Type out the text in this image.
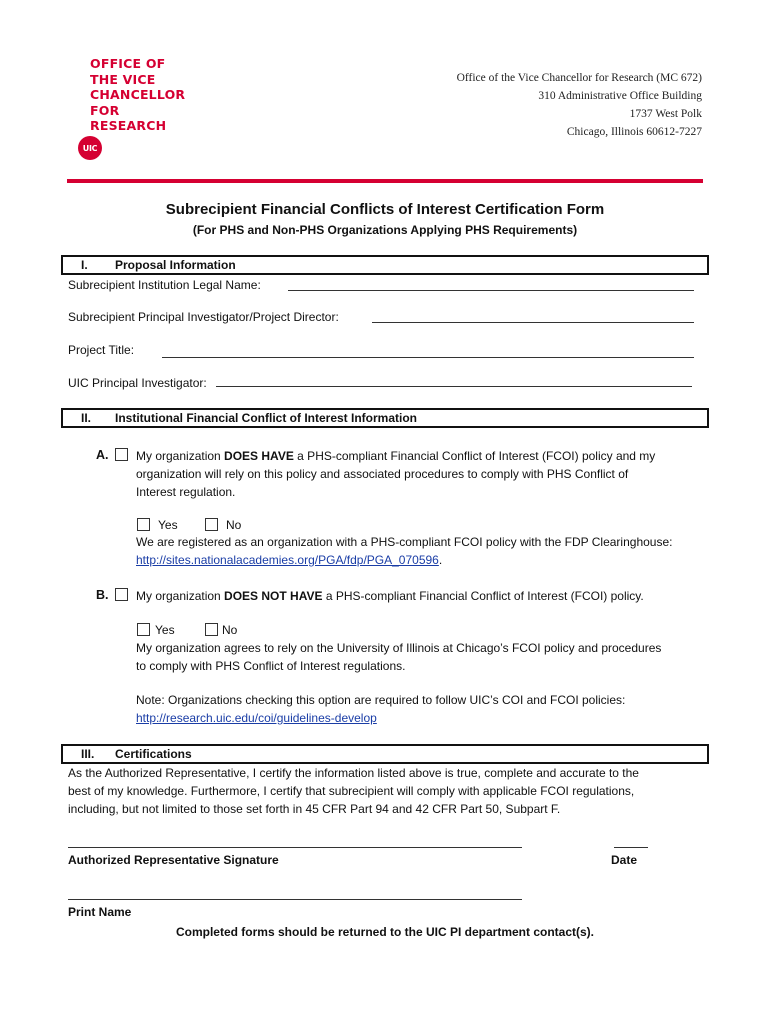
OFFICE OF
THE VICE
CHANCELLOR
FOR
RESEARCH
UIC
Office of the Vice Chancellor for Research (MC 672)
310 Administrative Office Building
1737 West Polk
Chicago, Illinois 60612-7227
Subrecipient Financial Conflicts of Interest Certification Form
(For PHS and Non-PHS Organizations Applying PHS Requirements)
I. Proposal Information
Subrecipient Institution Legal Name:
Subrecipient Principal Investigator/Project Director:
Project Title:
UIC Principal Investigator:
II. Institutional Financial Conflict of Interest Information
A. My organization DOES HAVE a PHS-compliant Financial Conflict of Interest (FCOI) policy and my
organization will rely on this policy and associated procedures to comply with PHS Conflict of
Interest regulation.
Yes	No
We are registered as an organization with a PHS-compliant FCOI policy with the FDP Clearinghouse:
http://sites.nationalacademies.org/PGA/fdp/PGA_070596.
B. My organization DOES NOT HAVE a PHS-compliant Financial Conflict of Interest (FCOI) policy.
Yes	No
My organization agrees to rely on the University of Illinois at Chicago’s FCOI policy and procedures
to comply with PHS Conflict of Interest regulations.
Note: Organizations checking this option are required to follow UIC’s COI and FCOI policies:
http://research.uic.edu/coi/guidelines-develop
III. Certifications
As the Authorized Representative, I certify the information listed above is true, complete and accurate to the
best of my knowledge. Furthermore, I certify that subrecipient will comply with applicable FCOI regulations,
including, but not limited to those set forth in 45 CFR Part 94 and 42 CFR Part 50, Subpart F.
Authorized Representative Signature	Date
Print Name
Completed forms should be returned to the UIC PI department contact(s).
